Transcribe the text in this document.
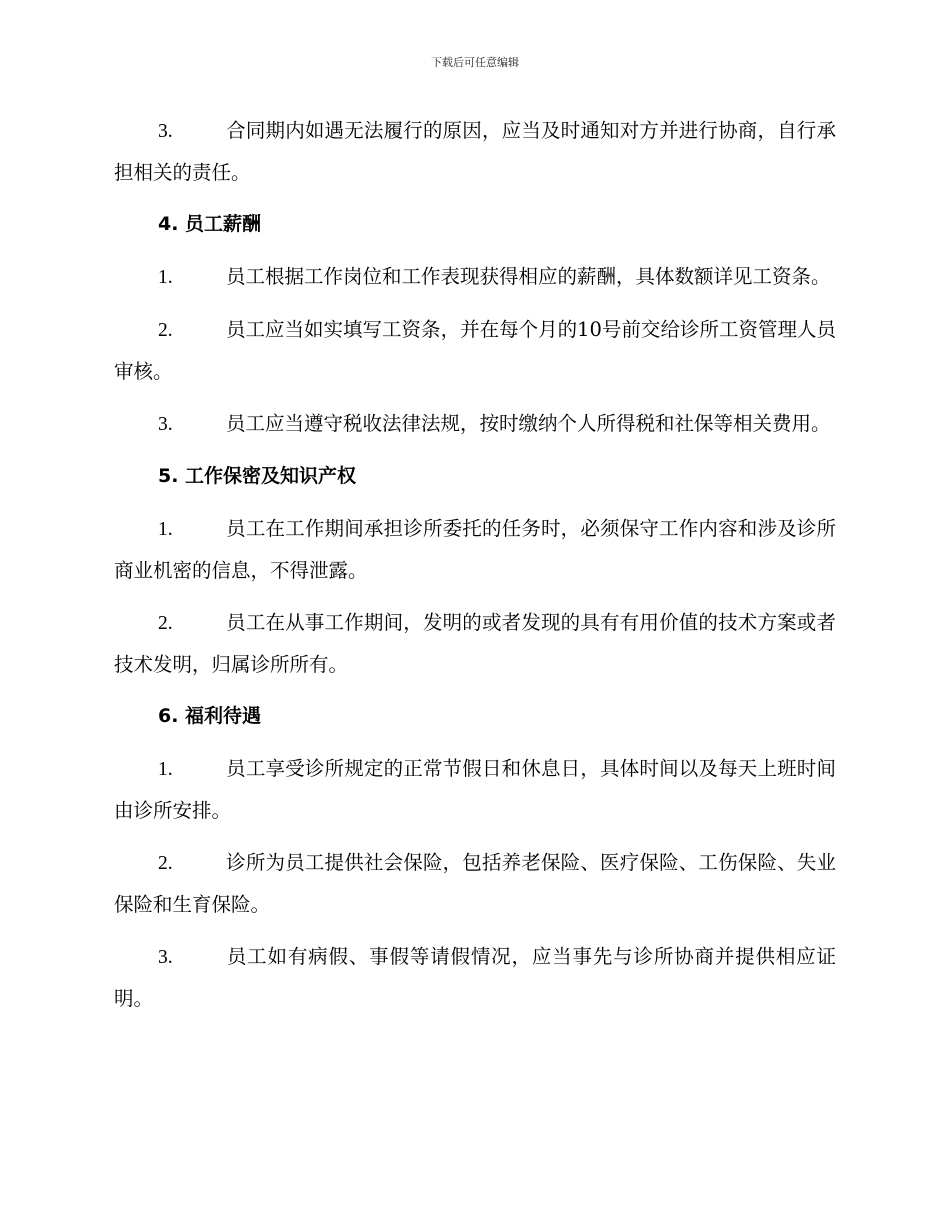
下载后可任意编辑

3.	合同期内如遇无法履行的原因，应当及时通知对方并进行协商，自行承担相关的责任。

4. 员工薪酬

1.	员工根据工作岗位和工作表现获得相应的薪酬，具体数额详见工资条。

2.	员工应当如实填写工资条，并在每个月的10号前交给诊所工资管理人员审核。

3.	员工应当遵守税收法律法规，按时缴纳个人所得税和社保等相关费用。

5. 工作保密及知识产权

1.	员工在工作期间承担诊所委托的任务时，必须保守工作内容和涉及诊所商业机密的信息，不得泄露。

2.	员工在从事工作期间，发明的或者发现的具有有用价值的技术方案或者技术发明，归属诊所所有。

6. 福利待遇

1.	员工享受诊所规定的正常节假日和休息日，具体时间以及每天上班时间由诊所安排。

2.	诊所为员工提供社会保险，包括养老保险、医疗保险、工伤保险、失业保险和生育保险。

3.	员工如有病假、事假等请假情况，应当事先与诊所协商并提供相应证明。
